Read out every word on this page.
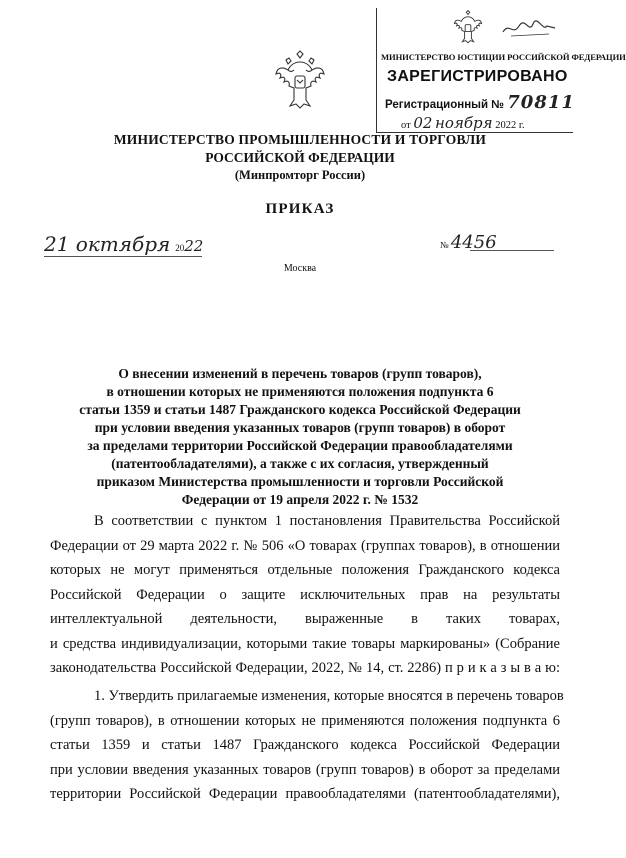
МИНИСТЕРСТВО ЮСТИЦИИ РОССИЙСКОЙ ФЕДЕРАЦИИ
ЗАРЕГИСТРИРОВАНО
Регистрационный № 70811
от 02 ноября 2022 г.
МИНИСТЕРСТВО ПРОМЫШЛЕННОСТИ И ТОРГОВЛИ
РОССИЙСКОЙ ФЕДЕРАЦИИ
(Минпромторг России)
ПРИКАЗ
21 октября 2022	№ 4456
Москва
О внесении изменений в перечень товаров (групп товаров),
в отношении которых не применяются положения подпункта 6
статьи 1359 и статьи 1487 Гражданского кодекса Российской Федерации
при условии введения указанных товаров (групп товаров) в оборот
за пределами территории Российской Федерации правообладателями
(патентообладателями), а также с их согласия, утвержденный
приказом Министерства промышленности и торговли Российской
Федерации от 19 апреля 2022 г. № 1532
В соответствии с пунктом 1 постановления Правительства Российской
Федерации от 29 марта 2022 г. № 506 «О товарах (группах товаров), в отношении
которых не могут применяться отдельные положения Гражданского кодекса
Российской Федерации о защите исключительных прав на результаты
интеллектуальной деятельности, выраженные в таких товарах,
и средства индивидуализации, которыми такие товары маркированы» (Собрание
законодательства Российской Федерации, 2022, № 14, ст. 2286) п р и к а з ы в а ю:
1. Утвердить прилагаемые изменения, которые вносятся в перечень товаров
(групп товаров), в отношении которых не применяются положения подпункта 6
статьи 1359 и статьи 1487 Гражданского кодекса Российской Федерации
при условии введения указанных товаров (групп товаров) в оборот за пределами
территории Российской Федерации правообладателями (патентообладателями),
